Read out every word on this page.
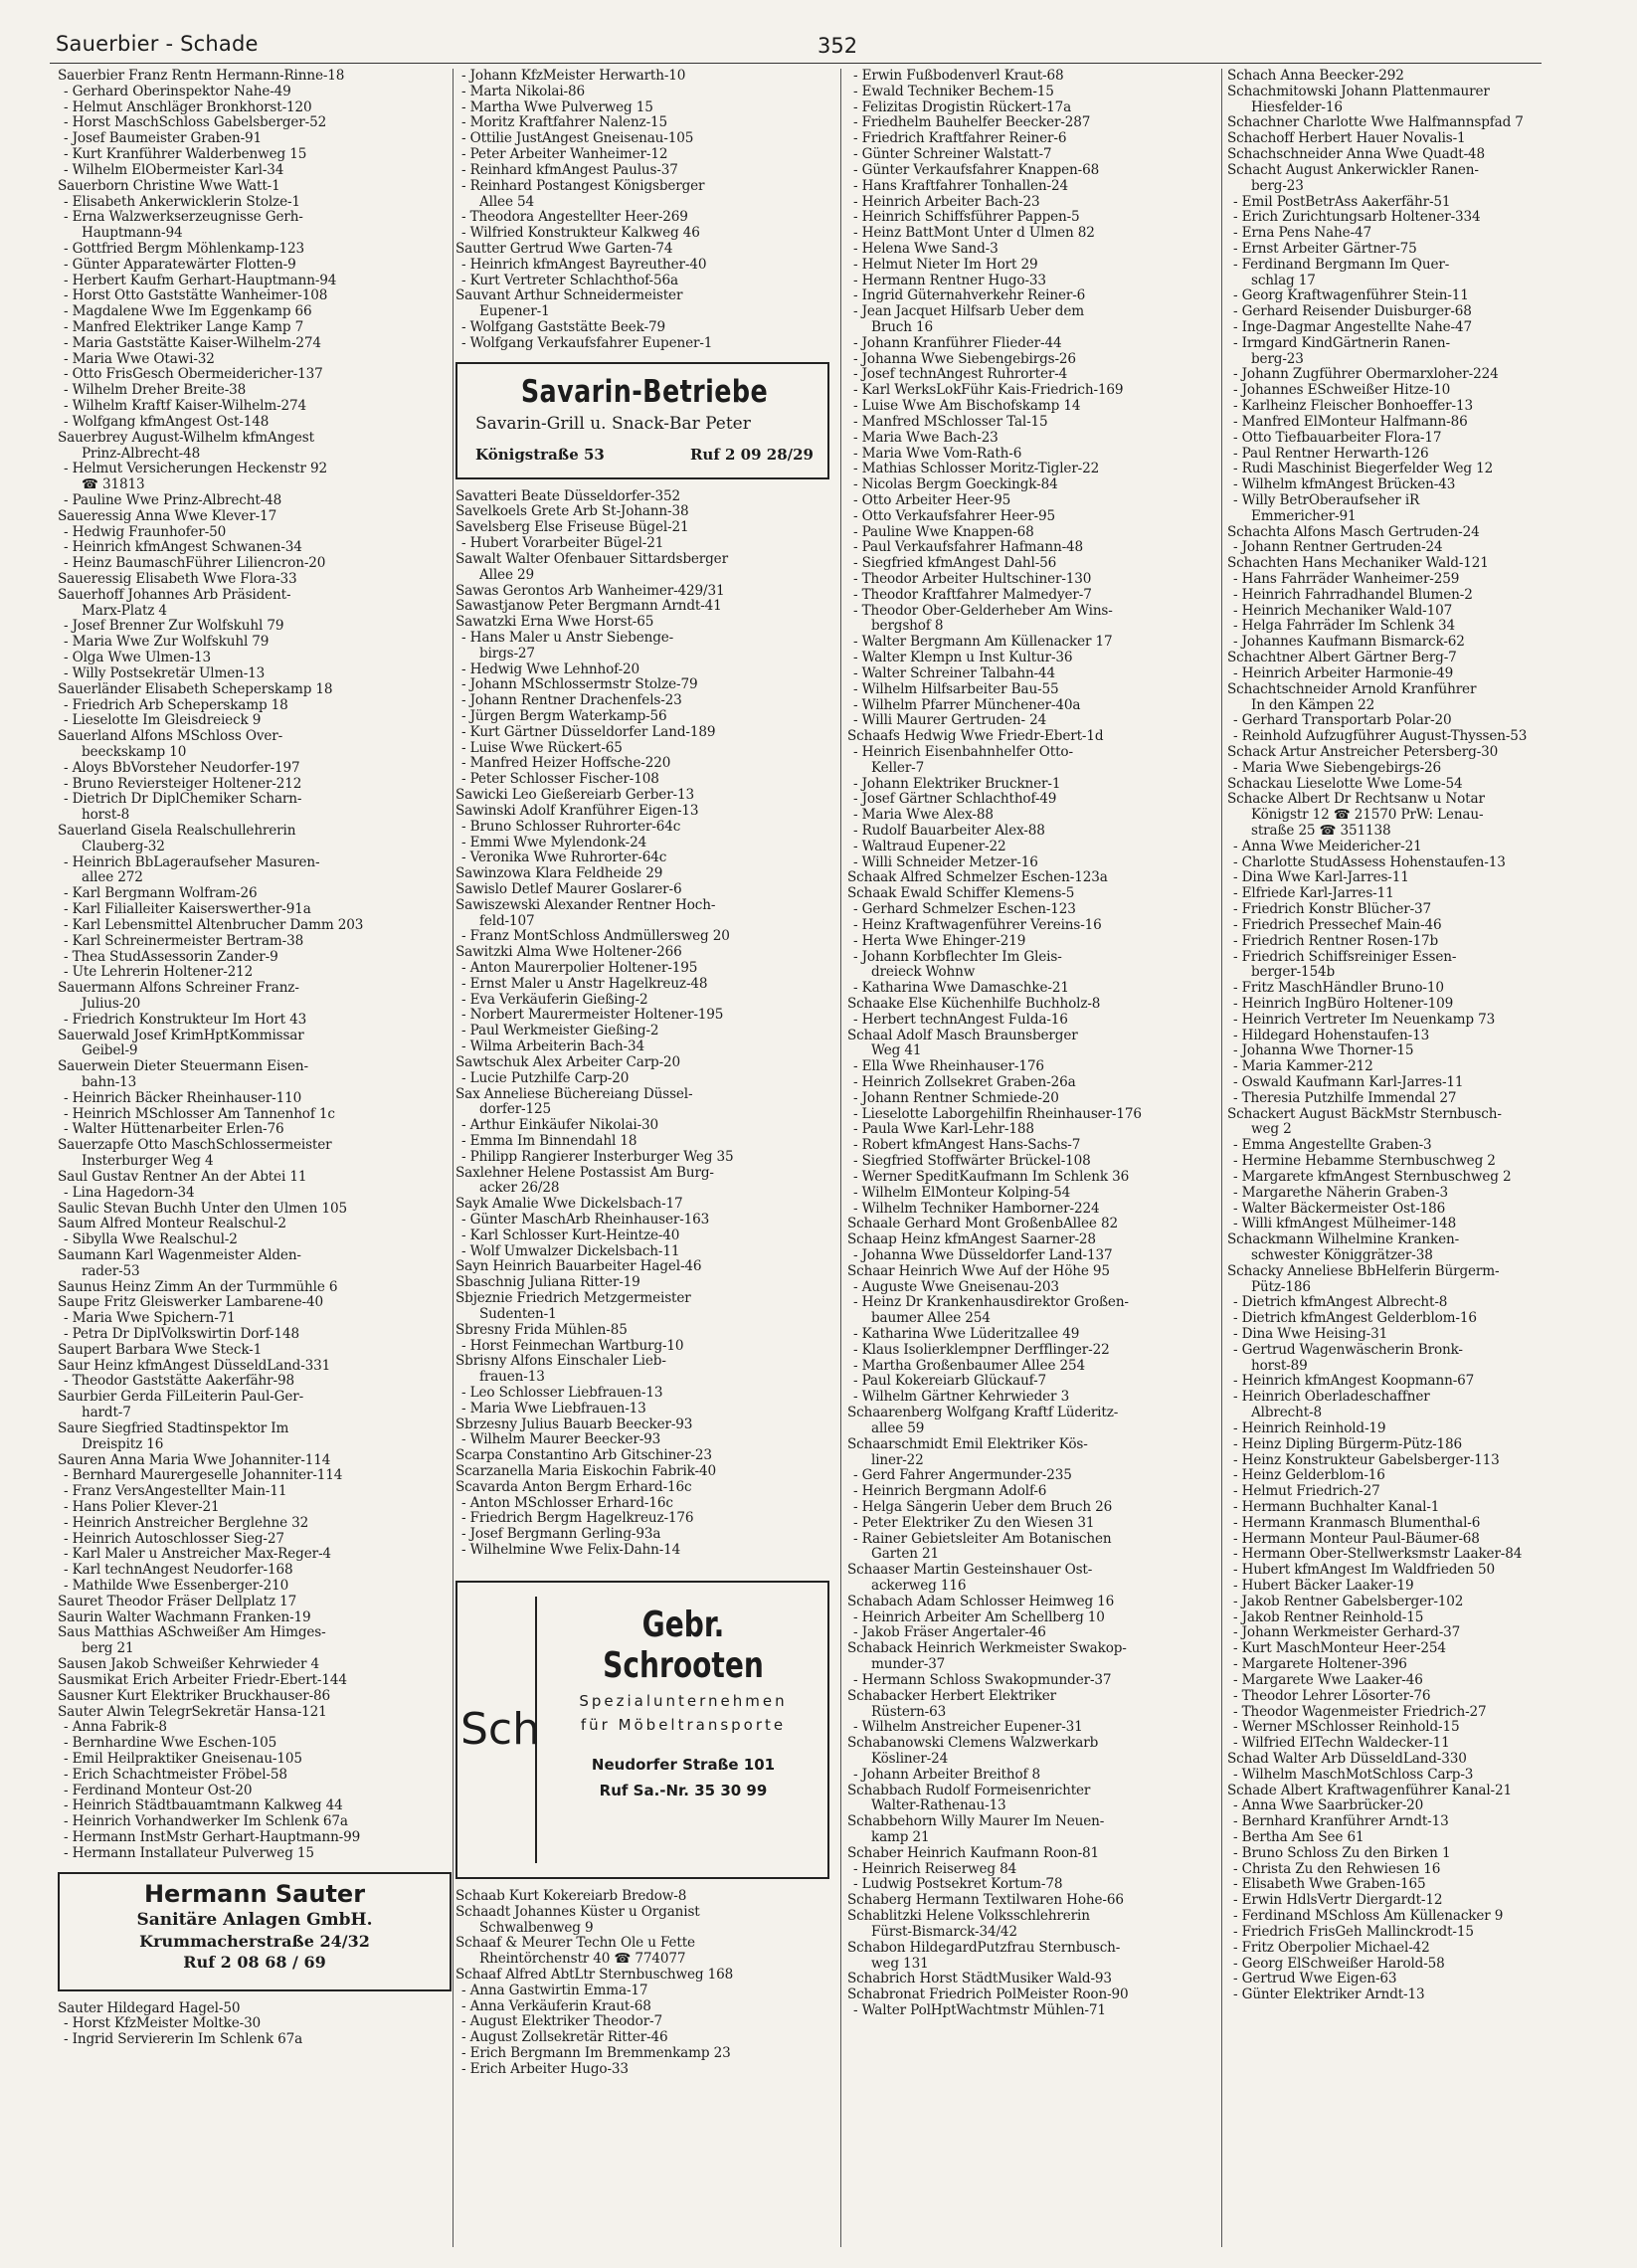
Sauerbier - Schade	352
Sauerbier Franz Rentn Hermann-Rinne-18
- Gerhard Oberinspektor Nahe-49
- Helmut Anschläger Bronkhorst-120
- Horst MaschSchloss Gabelsberger-52
- Josef Baumeister Graben-91
- Kurt Kranführer Walderbenweg 15
- Wilhelm ElObermeister Karl-34
Sauerborn Christine Wwe Watt-1
- Elisabeth Ankerwicklerin Stolze-1
- Erna Walzwerkserzeugnisse Gerh-
Hauptmann-94
- Gottfried Bergm Möhlenkamp-123
- Günter Apparatewärter Flotten-9
- Herbert Kaufm Gerhart-Hauptmann-94
- Horst Otto Gaststätte Wanheimer-108
- Magdalene Wwe Im Eggenkamp 66
- Manfred Elektriker Lange Kamp 7
- Maria Gaststätte Kaiser-Wilhelm-274
- Maria Wwe Otawi-32
- Otto FrisGesch Obermeidericher-137
- Wilhelm Dreher Breite-38
- Wilhelm Kraftf Kaiser-Wilhelm-274
- Wolfgang kfmAngest Ost-148
Sauerbrey August-Wilhelm kfmAngest
Prinz-Albrecht-48
- Helmut Versicherungen Heckenstr 92
☎ 31813
- Pauline Wwe Prinz-Albrecht-48
Saueressig Anna Wwe Klever-17
- Hedwig Fraunhofer-50
- Heinrich kfmAngest Schwanen-34
- Heinz BaumaschFührer Liliencron-20
Saueressig Elisabeth Wwe Flora-33
Sauerhoff Johannes Arb Präsident-
Marx-Platz 4
- Josef Brenner Zur Wolfskuhl 79
- Maria Wwe Zur Wolfskuhl 79
- Olga Wwe Ulmen-13
- Willy Postsekretär Ulmen-13
Sauerländer Elisabeth Scheperskamp 18
- Friedrich Arb Scheperskamp 18
- Lieselotte Im Gleisdreieck 9
Sauerland Alfons MSchloss Over-
beeckskamp 10
- Aloys BbVorsteher Neudorfer-197
- Bruno Reviersteiger Holtener-212
- Dietrich Dr DiplChemiker Scharn-
horst-8
Sauerland Gisela Realschullehrerin
Clauberg-32
- Heinrich BbLageraufseher Masuren-
allee 272
- Karl Bergmann Wolfram-26
- Karl Filialleiter Kaiserswerther-91a
- Karl Lebensmittel Altenbrucher Damm 203
- Karl Schreinermeister Bertram-38
- Thea StudAssessorin Zander-9
- Ute Lehrerin Holtener-212
Sauermann Alfons Schreiner Franz-
Julius-20
- Friedrich Konstrukteur Im Hort 43
Sauerwald Josef KrimHptKommissar
Geibel-9
Sauerwein Dieter Steuermann Eisen-
bahn-13
- Heinrich Bäcker Rheinhauser-110
- Heinrich MSchlosser Am Tannenhof 1c
- Walter Hüttenarbeiter Erlen-76
Sauerzapfe Otto MaschSchlossermeister
Insterburger Weg 4
Saul Gustav Rentner An der Abtei 11
- Lina Hagedorn-34
Saulic Stevan Buchh Unter den Ulmen 105
Saum Alfred Monteur Realschul-2
- Sibylla Wwe Realschul-2
Saumann Karl Wagenmeister Alden-
rader-53
Saunus Heinz Zimm An der Turmmühle 6
Saupe Fritz Gleiswerker Lambarene-40
- Maria Wwe Spichern-71
- Petra Dr DiplVolkswirtin Dorf-148
Saupert Barbara Wwe Steck-1
Saur Heinz kfmAngest DüsseldLand-331
- Theodor Gaststätte Aakerfähr-98
Saurbier Gerda FilLeiterin Paul-Ger-
hardt-7
Saure Siegfried Stadtinspektor Im
Dreispitz 16
Sauren Anna Maria Wwe Johanniter-114
- Bernhard Maurergeselle Johanniter-114
- Franz VersAngestellter Main-11
- Hans Polier Klever-21
- Heinrich Anstreicher Berglehne 32
- Heinrich Autoschlosser Sieg-27
- Karl Maler u Anstreicher Max-Reger-4
- Karl technAngest Neudorfer-168
- Mathilde Wwe Essenberger-210
Sauret Theodor Fräser Dellplatz 17
Saurin Walter Wachmann Franken-19
Saus Matthias ASchweißer Am Himges-
berg 21
Sausen Jakob Schweißer Kehrwieder 4
Sausmikat Erich Arbeiter Friedr-Ebert-144
Sausner Kurt Elektriker Bruckhauser-86
Sauter Alwin TelegrSekretär Hansa-121
- Anna Fabrik-8
- Bernhardine Wwe Eschen-105
- Emil Heilpraktiker Gneisenau-105
- Erich Schachtmeister Fröbel-58
- Ferdinand Monteur Ost-20
- Heinrich Städtbauamtmann Kalkweg 44
- Heinrich Vorhandwerker Im Schlenk 67a
- Hermann InstMstr Gerhart-Hauptmann-99
- Hermann Installateur Pulverweg 15
Hermann Sauter
Sanitäre Anlagen GmbH.
Krummacherstraße 24/32
Ruf 2 08 68 / 69
Sauter Hildegard Hagel-50
- Horst KfzMeister Moltke-30
- Ingrid Serviererin Im Schlenk 67a
- Johann KfzMeister Herwarth-10
- Marta Nikolai-86
- Martha Wwe Pulverweg 15
- Moritz Kraftfahrer Nalenz-15
- Ottilie JustAngest Gneisenau-105
- Peter Arbeiter Wanheimer-12
- Reinhard kfmAngest Paulus-37
- Reinhard Postangest Königsberger
Allee 54
- Theodora Angestellter Heer-269
- Wilfried Konstrukteur Kalkweg 46
Sautter Gertrud Wwe Garten-74
- Heinrich kfmAngest Bayreuther-40
- Kurt Vertreter Schlachthof-56a
Sauvant Arthur Schneidermeister
Eupener-1
- Wolfgang Gaststätte Beek-79
- Wolfgang Verkaufsfahrer Eupener-1
Savarin-Betriebe
Savarin-Grill u. Snack-Bar Peter
Königstraße 53	Ruf 2 09 28/29
Savatteri Beate Düsseldorfer-352
Savelkoels Grete Arb St-Johann-38
Savelsberg Else Friseuse Bügel-21
- Hubert Vorarbeiter Bügel-21
Sawalt Walter Ofenbauer Sittardsberger
Allee 29
Sawas Gerontos Arb Wanheimer-429/31
Sawastjanow Peter Bergmann Arndt-41
Sawatzki Erna Wwe Horst-65
- Hans Maler u Anstr Siebenge-
birgs-27
- Hedwig Wwe Lehnhof-20
- Johann MSchlossermstr Stolze-79
- Johann Rentner Drachenfels-23
- Jürgen Bergm Waterkamp-56
- Kurt Gärtner Düsseldorfer Land-189
- Luise Wwe Rückert-65
- Manfred Heizer Hoffsche-220
- Peter Schlosser Fischer-108
Sawicki Leo Gießereiarb Gerber-13
Sawinski Adolf Kranführer Eigen-13
- Bruno Schlosser Ruhrorter-64c
- Emmi Wwe Mylendonk-24
- Veronika Wwe Ruhrorter-64c
Sawinzowa Klara Feldheide 29
Sawislo Detlef Maurer Goslarer-6
Sawiszewski Alexander Rentner Hoch-
feld-107
- Franz MontSchloss Andmüllersweg 20
Sawitzki Alma Wwe Holtener-266
- Anton Maurerpolier Holtener-195
- Ernst Maler u Anstr Hagelkreuz-48
- Eva Verkäuferin Gießing-2
- Norbert Maurermeister Holtener-195
- Paul Werkmeister Gießing-2
- Wilma Arbeiterin Bach-34
Sawtschuk Alex Arbeiter Carp-20
- Lucie Putzhilfe Carp-20
Sax Anneliese Büchereiang Düssel-
dorfer-125
- Arthur Einkäufer Nikolai-30
- Emma Im Binnendahl 18
- Philipp Rangierer Insterburger Weg 35
Saxlehner Helene Postassist Am Burg-
acker 26/28
Sayk Amalie Wwe Dickelsbach-17
- Günter MaschArb Rheinhauser-163
- Karl Schlosser Kurt-Heintze-40
- Wolf Umwalzer Dickelsbach-11
Sayn Heinrich Bauarbeiter Hagel-46
Sbaschnig Juliana Ritter-19
Sbjeznie Friedrich Metzgermeister
Sudenten-1
Sbresny Frida Mühlen-85
- Horst Feinmechan Wartburg-10
Sbrisny Alfons Einschaler Lieb-
frauen-13
- Leo Schlosser Liebfrauen-13
- Maria Wwe Liebfrauen-13
Sbrzesny Julius Bauarb Beecker-93
- Wilhelm Maurer Beecker-93
Scarpa Constantino Arb Gitschiner-23
Scarzanella Maria Eiskochin Fabrik-40
Scavarda Anton Bergm Erhard-16c
- Anton MSchlosser Erhard-16c
- Friedrich Bergm Hagelkreuz-176
- Josef Bergmann Gerling-93a
- Wilhelmine Wwe Felix-Dahn-14
Sch
Gebr. Schrooten
Spezialunternehmen
für Möbeltransporte
Neudorfer Straße 101
Ruf Sa.-Nr. 35 30 99
Schaab Kurt Kokereiarb Bredow-8
Schaadt Johannes Küster u Organist
Schwalbenweg 9
Schaaf & Meurer Techn Öle u Fette
Rheintörchenstr 40 ☎ 774077
Schaaf Alfred AbtLtr Sternbuschweg 168
- Anna Gastwirtin Emma-17
- Anna Verkäuferin Kraut-68
- August Elektriker Theodor-7
- August Zollsekretär Ritter-46
- Erich Bergmann Im Bremmenkamp 23
- Erich Arbeiter Hugo-33
- Erwin Fußbodenverl Kraut-68
- Ewald Techniker Bechem-15
- Felizitas Drogistin Rückert-17a
- Friedhelm Bauhelfer Beecker-287
- Friedrich Kraftfahrer Reiner-6
- Günter Schreiner Walstatt-7
- Günter Verkaufsfahrer Knappen-68
- Hans Kraftfahrer Tonhallen-24
- Heinrich Arbeiter Bach-23
- Heinrich Schiffsführer Pappen-5
- Heinz BattMont Unter d Ulmen 82
- Helena Wwe Sand-3
- Helmut Nieter Im Hort 29
- Hermann Rentner Hugo-33
- Ingrid Güternahverkehr Reiner-6
- Jean Jacquet Hilfsarb Ueber dem
Bruch 16
- Johann Kranführer Flieder-44
- Johanna Wwe Siebengebirgs-26
- Josef technAngest Ruhrorter-4
- Karl WerksLokFühr Kais-Friedrich-169
- Luise Wwe Am Bischofskamp 14
- Manfred MSchlosser Tal-15
- Maria Wwe Bach-23
- Maria Wwe Vom-Rath-6
- Mathias Schlosser Moritz-Tigler-22
- Nicolas Bergm Goeckingk-84
- Otto Arbeiter Heer-95
- Otto Verkaufsfahrer Heer-95
- Pauline Wwe Knappen-68
- Paul Verkaufsfahrer Hafmann-48
- Siegfried kfmAngest Dahl-56
- Theodor Arbeiter Hultschiner-130
- Theodor Kraftfahrer Malmedyer-7
- Theodor Ober-Gelderheber Am Wins-
bergshof 8
- Walter Bergmann Am Küllenacker 17
- Walter Klempn u Inst Kultur-36
- Walter Schreiner Talbahn-44
- Wilhelm Hilfsarbeiter Bau-55
- Wilhelm Pfarrer Münchener-40a
- Willi Maurer Gertruden- 24
Schaafs Hedwig Wwe Friedr-Ebert-1d
- Heinrich Eisenbahnhelfer Otto-
Keller-7
- Johann Elektriker Bruckner-1
- Josef Gärtner Schlachthof-49
- Maria Wwe Alex-88
- Rudolf Bauarbeiter Alex-88
- Waltraud Eupener-22
- Willi Schneider Metzer-16
Schaak Alfred Schmelzer Eschen-123a
Schaak Ewald Schiffer Klemens-5
- Gerhard Schmelzer Eschen-123
- Heinz Kraftwagenführer Vereins-16
- Herta Wwe Ehinger-219
- Johann Korbflechter Im Gleis-
dreieck Wohnw
- Katharina Wwe Damaschke-21
Schaake Else Küchenhilfe Buchholz-8
- Herbert technAngest Fulda-16
Schaal Adolf Masch Braunsberger
Weg 41
- Ella Wwe Rheinhauser-176
- Heinrich Zollsekret Graben-26a
- Johann Rentner Schmiede-20
- Lieselotte Laborgehilfin Rheinhauser-176
- Paula Wwe Karl-Lehr-188
- Robert kfmAngest Hans-Sachs-7
- Siegfried Stoffwärter Brückel-108
- Werner SpeditKaufmann Im Schlenk 36
- Wilhelm ElMonteur Kolping-54
- Wilhelm Techniker Hamborner-224
Schaale Gerhard Mont GroßenbAllee 82
Schaap Heinz kfmAngest Saarner-28
- Johanna Wwe Düsseldorfer Land-137
Schaar Heinrich Wwe Auf der Höhe 95
- Auguste Wwe Gneisenau-203
- Heinz Dr Krankenhausdirektor Großen-
baumer Allee 254
- Katharina Wwe Lüderitzallee 49
- Klaus Isolierklempner Derfflinger-22
- Martha Großenbaumer Allee 254
- Paul Kokereiarb Glückauf-7
- Wilhelm Gärtner Kehrwieder 3
Schaarenberg Wolfgang Kraftf Lüderitz-
allee 59
Schaarschmidt Emil Elektriker Kös-
liner-22
- Gerd Fahrer Angermunder-235
- Heinrich Bergmann Adolf-6
- Helga Sängerin Ueber dem Bruch 26
- Peter Elektriker Zu den Wiesen 31
- Rainer Gebietsleiter Am Botanischen
Garten 21
Schaaser Martin Gesteinshauer Ost-
ackerweg 116
Schabach Adam Schlosser Heimweg 16
- Heinrich Arbeiter Am Schellberg 10
- Jakob Fräser Angertaler-46
Schaback Heinrich Werkmeister Swakop-
munder-37
- Hermann Schloss Swakopmunder-37
Schabacker Herbert Elektriker
Rüstern-63
- Wilhelm Anstreicher Eupener-31
Schabanowski Clemens Walzwerkarb
Kösliner-24
- Johann Arbeiter Breithof 8
Schabbach Rudolf Formeisenrichter
Walter-Rathenau-13
Schabbehorn Willy Maurer Im Neuen-
kamp 21
Schaber Heinrich Kaufmann Roon-81
- Heinrich Reiserweg 84
- Ludwig Postsekret Kortum-78
Schaberg Hermann Textilwaren Hohe-66
Schablitzki Helene Volksschlehrerin
Fürst-Bismarck-34/42
Schabon HildegardPutzfrau Sternbusch-
weg 131
Schabrich Horst StädtMusiker Wald-93
Schabronat Friedrich PolMeister Roon-90
- Walter PolHptWachtmstr Mühlen-71
Schach Anna Beecker-292
Schachmitowski Johann Plattenmaurer
Hiesfelder-16
Schachner Charlotte Wwe Halfmannspfad 7
Schachoff Herbert Hauer Novalis-1
Schachschneider Anna Wwe Quadt-48
Schacht August Ankerwickler Ranen-
berg-23
- Emil PostBetrAss Aakerfähr-51
- Erich Zurichtungsarb Holtener-334
- Erna Pens Nahe-47
- Ernst Arbeiter Gärtner-75
- Ferdinand Bergmann Im Quer-
schlag 17
- Georg Kraftwagenführer Stein-11
- Gerhard Reisender Duisburger-68
- Inge-Dagmar Angestellte Nahe-47
- Irmgard KindGärtnerin Ranen-
berg-23
- Johann Zugführer Obermarxloher-224
- Johannes ESchweißer Hitze-10
- Karlheinz Fleischer Bonhoeffer-13
- Manfred ElMonteur Halfmann-86
- Otto Tiefbauarbeiter Flora-17
- Paul Rentner Herwarth-126
- Rudi Maschinist Biegerfelder Weg 12
- Wilhelm kfmAngest Brücken-43
- Willy BetrOberaufseher iR
Emmericher-91
Schachta Alfons Masch Gertruden-24
- Johann Rentner Gertruden-24
Schachten Hans Mechaniker Wald-121
- Hans Fahrräder Wanheimer-259
- Heinrich Fahrradhandel Blumen-2
- Heinrich Mechaniker Wald-107
- Helga Fahrräder Im Schlenk 34
- Johannes Kaufmann Bismarck-62
Schachtner Albert Gärtner Berg-7
- Heinrich Arbeiter Harmonie-49
Schachtschneider Arnold Kranführer
In den Kämpen 22
- Gerhard Transportarb Polar-20
- Reinhold Aufzugführer August-Thyssen-53
Schack Artur Anstreicher Petersberg-30
- Maria Wwe Siebengebirgs-26
Schackau Lieselotte Wwe Lome-54
Schacke Albert Dr Rechtsanw u Notar
Königstr 12 ☎ 21570 PrW: Lenau-
straße 25 ☎ 351138
- Anna Wwe Meidericher-21
- Charlotte StudAssess Hohenstaufen-13
- Dina Wwe Karl-Jarres-11
- Elfriede Karl-Jarres-11
- Friedrich Konstr Blücher-37
- Friedrich Pressechef Main-46
- Friedrich Rentner Rosen-17b
- Friedrich Schiffsreiniger Essen-
berger-154b
- Fritz MaschHändler Bruno-10
- Heinrich IngBüro Holtener-109
- Heinrich Vertreter Im Neuenkamp 73
- Hildegard Hohenstaufen-13
- Johanna Wwe Thorner-15
- Maria Kammer-212
- Oswald Kaufmann Karl-Jarres-11
- Theresia Putzhilfe Immendal 27
Schackert August BäckMstr Sternbusch-
weg 2
- Emma Angestellte Graben-3
- Hermine Hebamme Sternbuschweg 2
- Margarete kfmAngest Sternbuschweg 2
- Margarethe Näherin Graben-3
- Walter Bäckermeister Ost-186
- Willi kfmAngest Mülheimer-148
Schackmann Wilhelmine Kranken-
schwester Königgrätzer-38
Schacky Anneliese BbHelferin Bürgerm-
Pütz-186
- Dietrich kfmAngest Albrecht-8
- Dietrich kfmAngest Gelderblom-16
- Dina Wwe Heising-31
- Gertrud Wagenwäscherin Bronk-
horst-89
- Heinrich kfmAngest Koopmann-67
- Heinrich Oberladeschaffner
Albrecht-8
- Heinrich Reinhold-19
- Heinz Dipling Bürgerm-Pütz-186
- Heinz Konstrukteur Gabelsberger-113
- Heinz Gelderblom-16
- Helmut Friedrich-27
- Hermann Buchhalter Kanal-1
- Hermann Kranmasch Blumenthal-6
- Hermann Monteur Paul-Bäumer-68
- Hermann Ober-Stellwerksmstr Laaker-84
- Hubert kfmAngest Im Waldfrieden 50
- Hubert Bäcker Laaker-19
- Jakob Rentner Gabelsberger-102
- Jakob Rentner Reinhold-15
- Johann Werkmeister Gerhard-37
- Kurt MaschMonteur Heer-254
- Margarete Holtener-396
- Margarete Wwe Laaker-46
- Theodor Lehrer Lösorter-76
- Theodor Wagenmeister Friedrich-27
- Werner MSchlosser Reinhold-15
- Wilfried ElTechn Waldecker-11
Schad Walter Arb DüsseldLand-330
- Wilhelm MaschMotSchloss Carp-3
Schade Albert Kraftwagenführer Kanal-21
- Anna Wwe Saarbrücker-20
- Bernhard Kranführer Arndt-13
- Bertha Am See 61
- Bruno Schloss Zu den Birken 1
- Christa Zu den Rehwiesen 16
- Elisabeth Wwe Graben-165
- Erwin HdlsVertr Diergardt-12
- Ferdinand MSchloss Am Küllenacker 9
- Friedrich FrisGeh Mallinckrodt-15
- Fritz Oberpolier Michael-42
- Georg ElSchweißer Harold-58
- Gertrud Wwe Eigen-63
- Günter Elektriker Arndt-13
